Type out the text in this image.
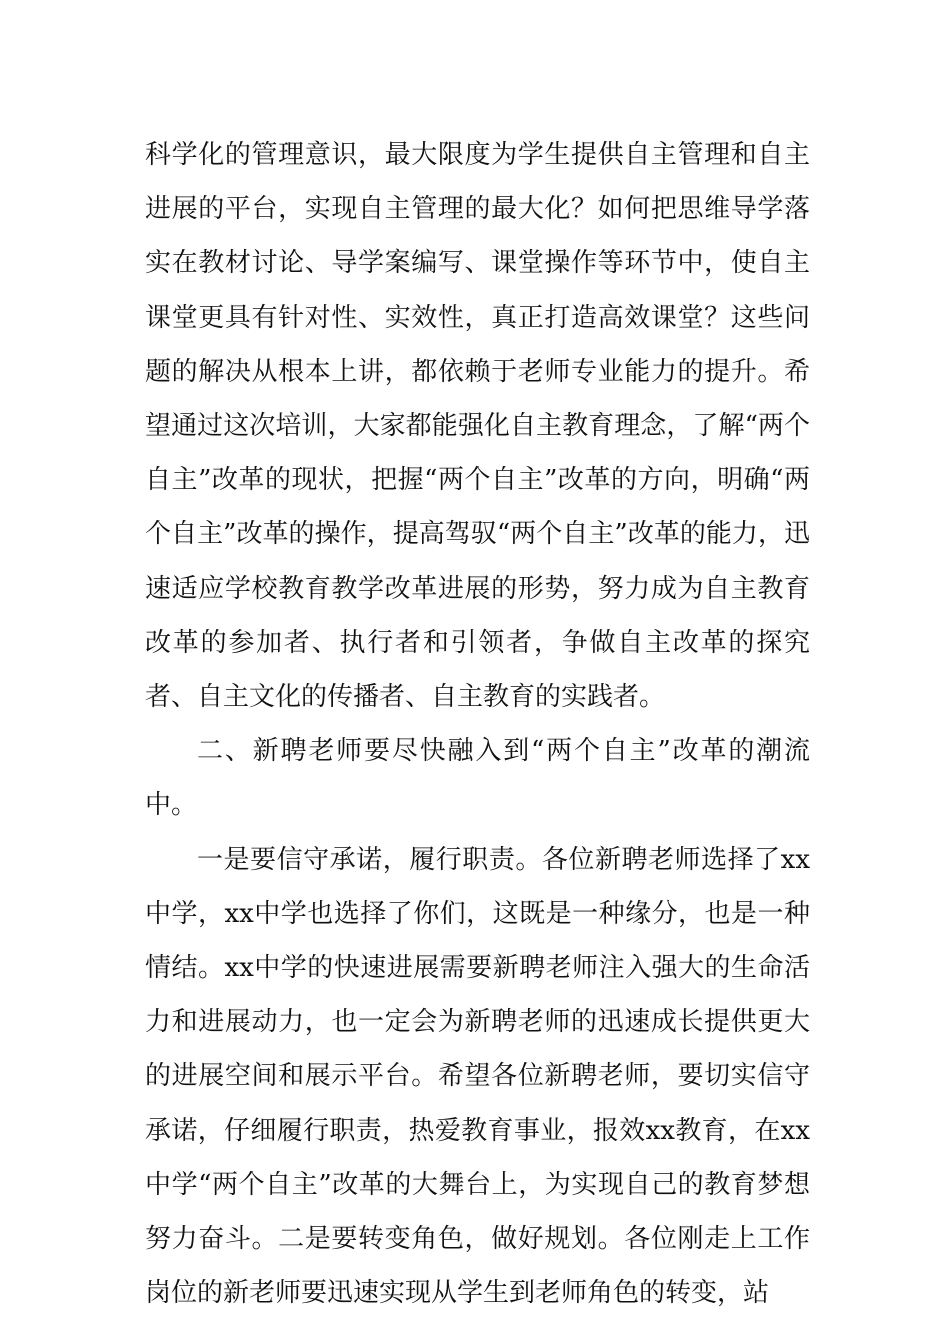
科学化的管理意识，最大限度为学生提供自主管理和自主进展的平台，实现自主管理的最大化？如何把思维导学落实在教材讨论、导学案编写、课堂操作等环节中，使自主课堂更具有针对性、实效性，真正打造高效课堂？这些问题的解决从根本上讲，都依赖于老师专业能力的提升。希望通过这次培训，大家都能强化自主教育理念，了解“两个自主”改革的现状，把握“两个自主”改革的方向，明确“两个自主”改革的操作，提高驾驭“两个自主”改革的能力，迅速适应学校教育教学改革进展的形势，努力成为自主教育改革的参加者、执行者和引领者，争做自主改革的探究者、自主文化的传播者、自主教育的实践者。

二、新聘老师要尽快融入到“两个自主”改革的潮流中。

一是要信守承诺，履行职责。各位新聘老师选择了xx中学，xx中学也选择了你们，这既是一种缘分，也是一种情结。xx中学的快速进展需要新聘老师注入强大的生命活力和进展动力，也一定会为新聘老师的迅速成长提供更大的进展空间和展示平台。希望各位新聘老师，要切实信守承诺，仔细履行职责，热爱教育事业，报效xx教育，在xx中学“两个自主”改革的大舞台上，为实现自己的教育梦想努力奋斗。二是要转变角色，做好规划。各位刚走上工作岗位的新老师要迅速实现从学生到老师角色的转变，站
